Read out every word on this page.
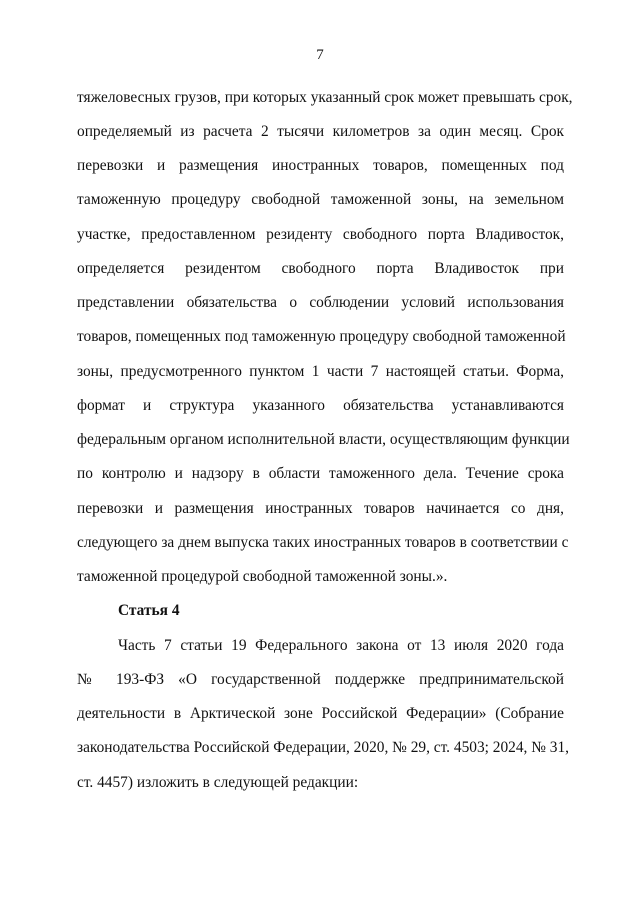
7
тяжеловесных грузов, при которых указанный срок может превышать срок,
определяемый из расчета 2 тысячи километров за один месяц. Срок
перевозки и размещения иностранных товаров, помещенных под
таможенную процедуру свободной таможенной зоны, на земельном
участке, предоставленном резиденту свободного порта Владивосток,
определяется резидентом свободного порта Владивосток при
представлении обязательства о соблюдении условий использования
товаров, помещенных под таможенную процедуру свободной таможенной
зоны, предусмотренного пунктом 1 части 7 настоящей статьи. Форма,
формат и структура указанного обязательства устанавливаются
федеральным органом исполнительной власти, осуществляющим функции
по контролю и надзору в области таможенного дела. Течение срока
перевозки и размещения иностранных товаров начинается со дня,
следующего за днем выпуска таких иностранных товаров в соответствии с
таможенной процедурой свободной таможенной зоны.».
Статья 4
Часть 7 статьи 19 Федерального закона от 13 июля 2020 года
№ 193-ФЗ «О государственной поддержке предпринимательской
деятельности в Арктической зоне Российской Федерации» (Собрание
законодательства Российской Федерации, 2020, № 29, ст. 4503; 2024, № 31,
ст. 4457) изложить в следующей редакции:
